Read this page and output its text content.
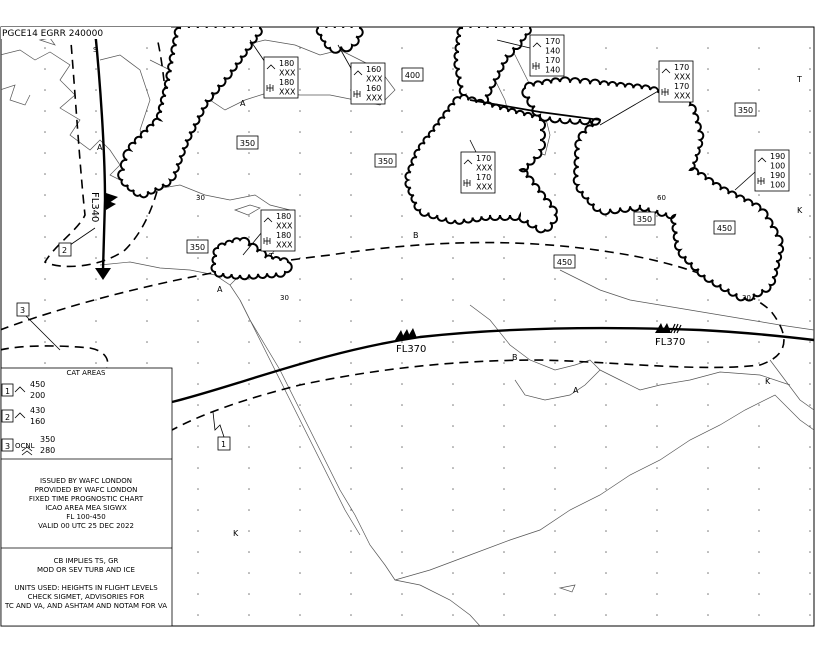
PGCE14 EGRR 240000
180
XXX
180
XXX
160
XXX
160
XXX
170
140
170
140
170
XXX
170
XXX
170
XXX
170
XXX
190
100
190
100
180
XXX
180
XXX
400
350
350
350
350
350
450
450
FL340
FL370
FL370
30
30	30
60
A
A
A
A
B
B
K
K
K
T
T
S
2
3
1
CAT AREAS
1
450
200
2
430
160
3 OCNL
350
280
ISSUED BY WAFC LONDON
PROVIDED BY WAFC LONDON
FIXED TIME PROGNOSTIC CHART
ICAO AREA MEA SIGWX
FL 100-450
VALID 00 UTC 25 DEC 2022
CB IMPLIES TS, GR
MOD OR SEV TURB AND ICE
UNITS USED: HEIGHTS IN FLIGHT LEVELS
CHECK SIGMET, ADVISORIES FOR
TC AND VA, AND ASHTAM AND NOTAM FOR VA
